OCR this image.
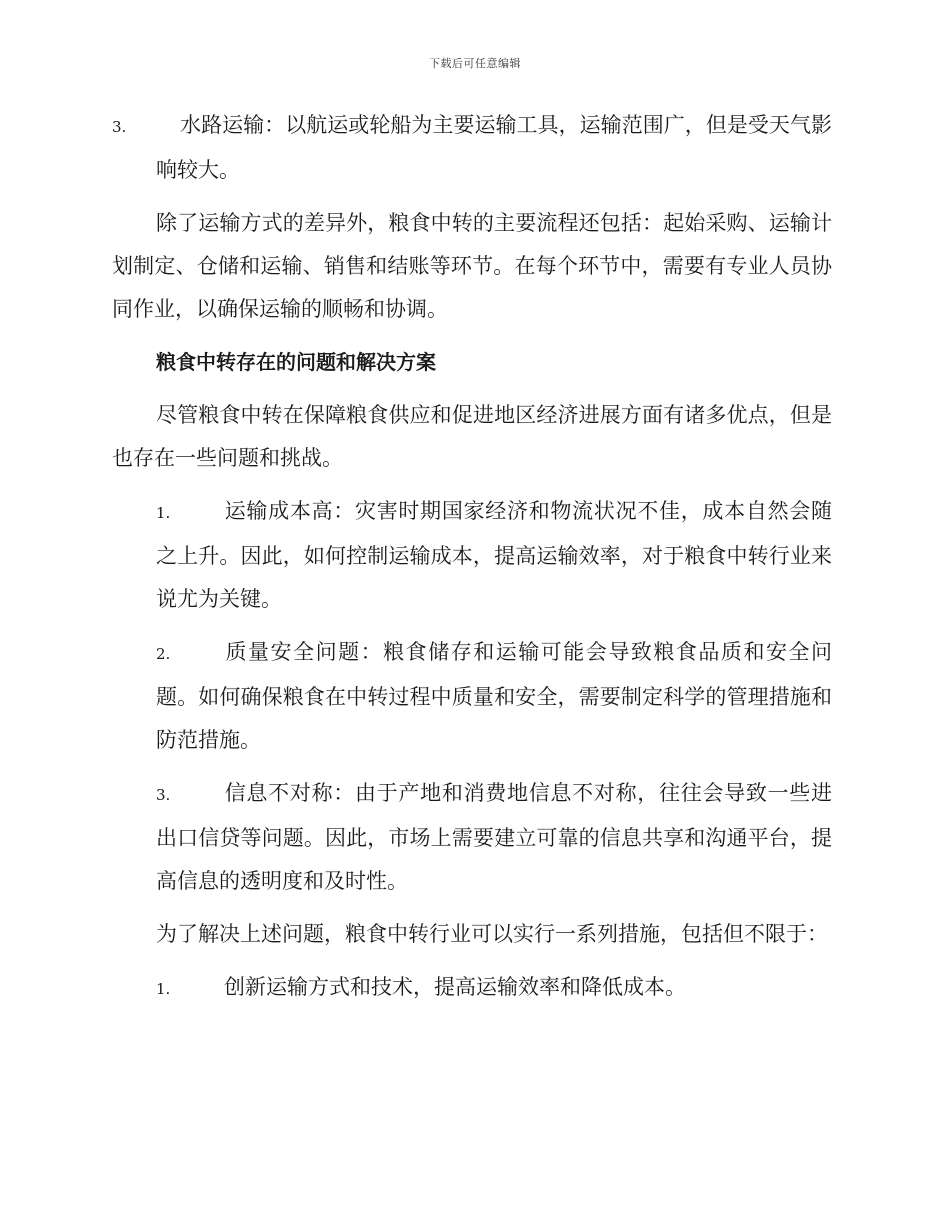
下载后可任意编辑

3.	水路运输：以航运或轮船为主要运输工具，运输范围广，但是受天气影响较大。

除了运输方式的差异外，粮食中转的主要流程还包括：起始采购、运输计划制定、仓储和运输、销售和结账等环节。在每个环节中，需要有专业人员协同作业，以确保运输的顺畅和协调。

粮食中转存在的问题和解决方案

尽管粮食中转在保障粮食供应和促进地区经济进展方面有诸多优点，但是也存在一些问题和挑战。

1.	运输成本高：灾害时期国家经济和物流状况不佳，成本自然会随之上升。因此，如何控制运输成本，提高运输效率，对于粮食中转行业来说尤为关键。

2.	质量安全问题：粮食储存和运输可能会导致粮食品质和安全问题。如何确保粮食在中转过程中质量和安全，需要制定科学的管理措施和防范措施。

3.	信息不对称：由于产地和消费地信息不对称，往往会导致一些进出口信贷等问题。因此，市场上需要建立可靠的信息共享和沟通平台，提高信息的透明度和及时性。

为了解决上述问题，粮食中转行业可以实行一系列措施，包括但不限于：

1.	创新运输方式和技术，提高运输效率和降低成本。
